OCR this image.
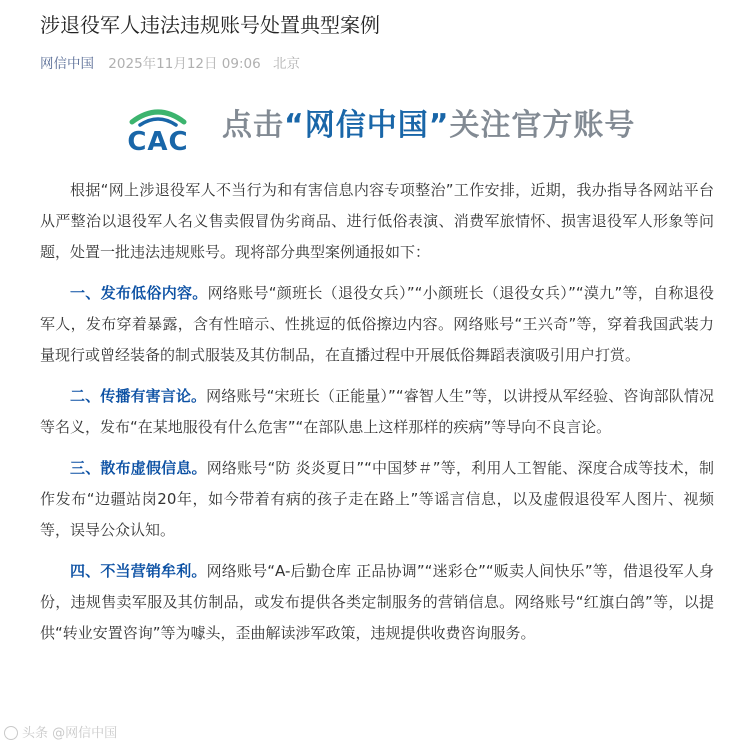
涉退役军人违法违规账号处置典型案例
网信中国 2025年11月12日 09:06 北京
CAC 点击“网信中国”关注官方账号

根据“网上涉退役军人不当行为和有害信息内容专项整治”工作安排，近期，我办指导各网站平台从严整治以退役军人名义售卖假冒伪劣商品、进行低俗表演、消费军旅情怀、损害退役军人形象等问题，处置一批违法违规账号。现将部分典型案例通报如下：

一、发布低俗内容。网络账号“颜班长（退役女兵）”“小颜班长（退役女兵）”“漠九”等，自称退役军人，发布穿着暴露，含有性暗示、性挑逗的低俗擦边内容。网络账号“王兴奇”等，穿着我国武装力量现行或曾经装备的制式服装及其仿制品，在直播过程中开展低俗舞蹈表演吸引用户打赏。

二、传播有害言论。网络账号“宋班长（正能量）”“睿智人生”等，以讲授从军经验、咨询部队情况等名义，发布“在某地服役有什么危害”“在部队患上这样那样的疾病”等导向不良言论。

三、散布虚假信息。网络账号“防 炎炎夏日”“中国梦＃”等，利用人工智能、深度合成等技术，制作发布“边疆站岗20年，如今带着有病的孩子走在路上”等谣言信息，以及虚假退役军人图片、视频等，误导公众认知。

四、不当营销牟利。网络账号“A-后勤仓库 正品协调”“迷彩仓”“贩卖人间快乐”等，借退役军人身份，违规售卖军服及其仿制品，或发布提供各类定制服务的营销信息。网络账号“红旗白鸽”等，以提供“转业安置咨询”等为噱头，歪曲解读涉军政策，违规提供收费咨询服务。

头条 @网信中国
